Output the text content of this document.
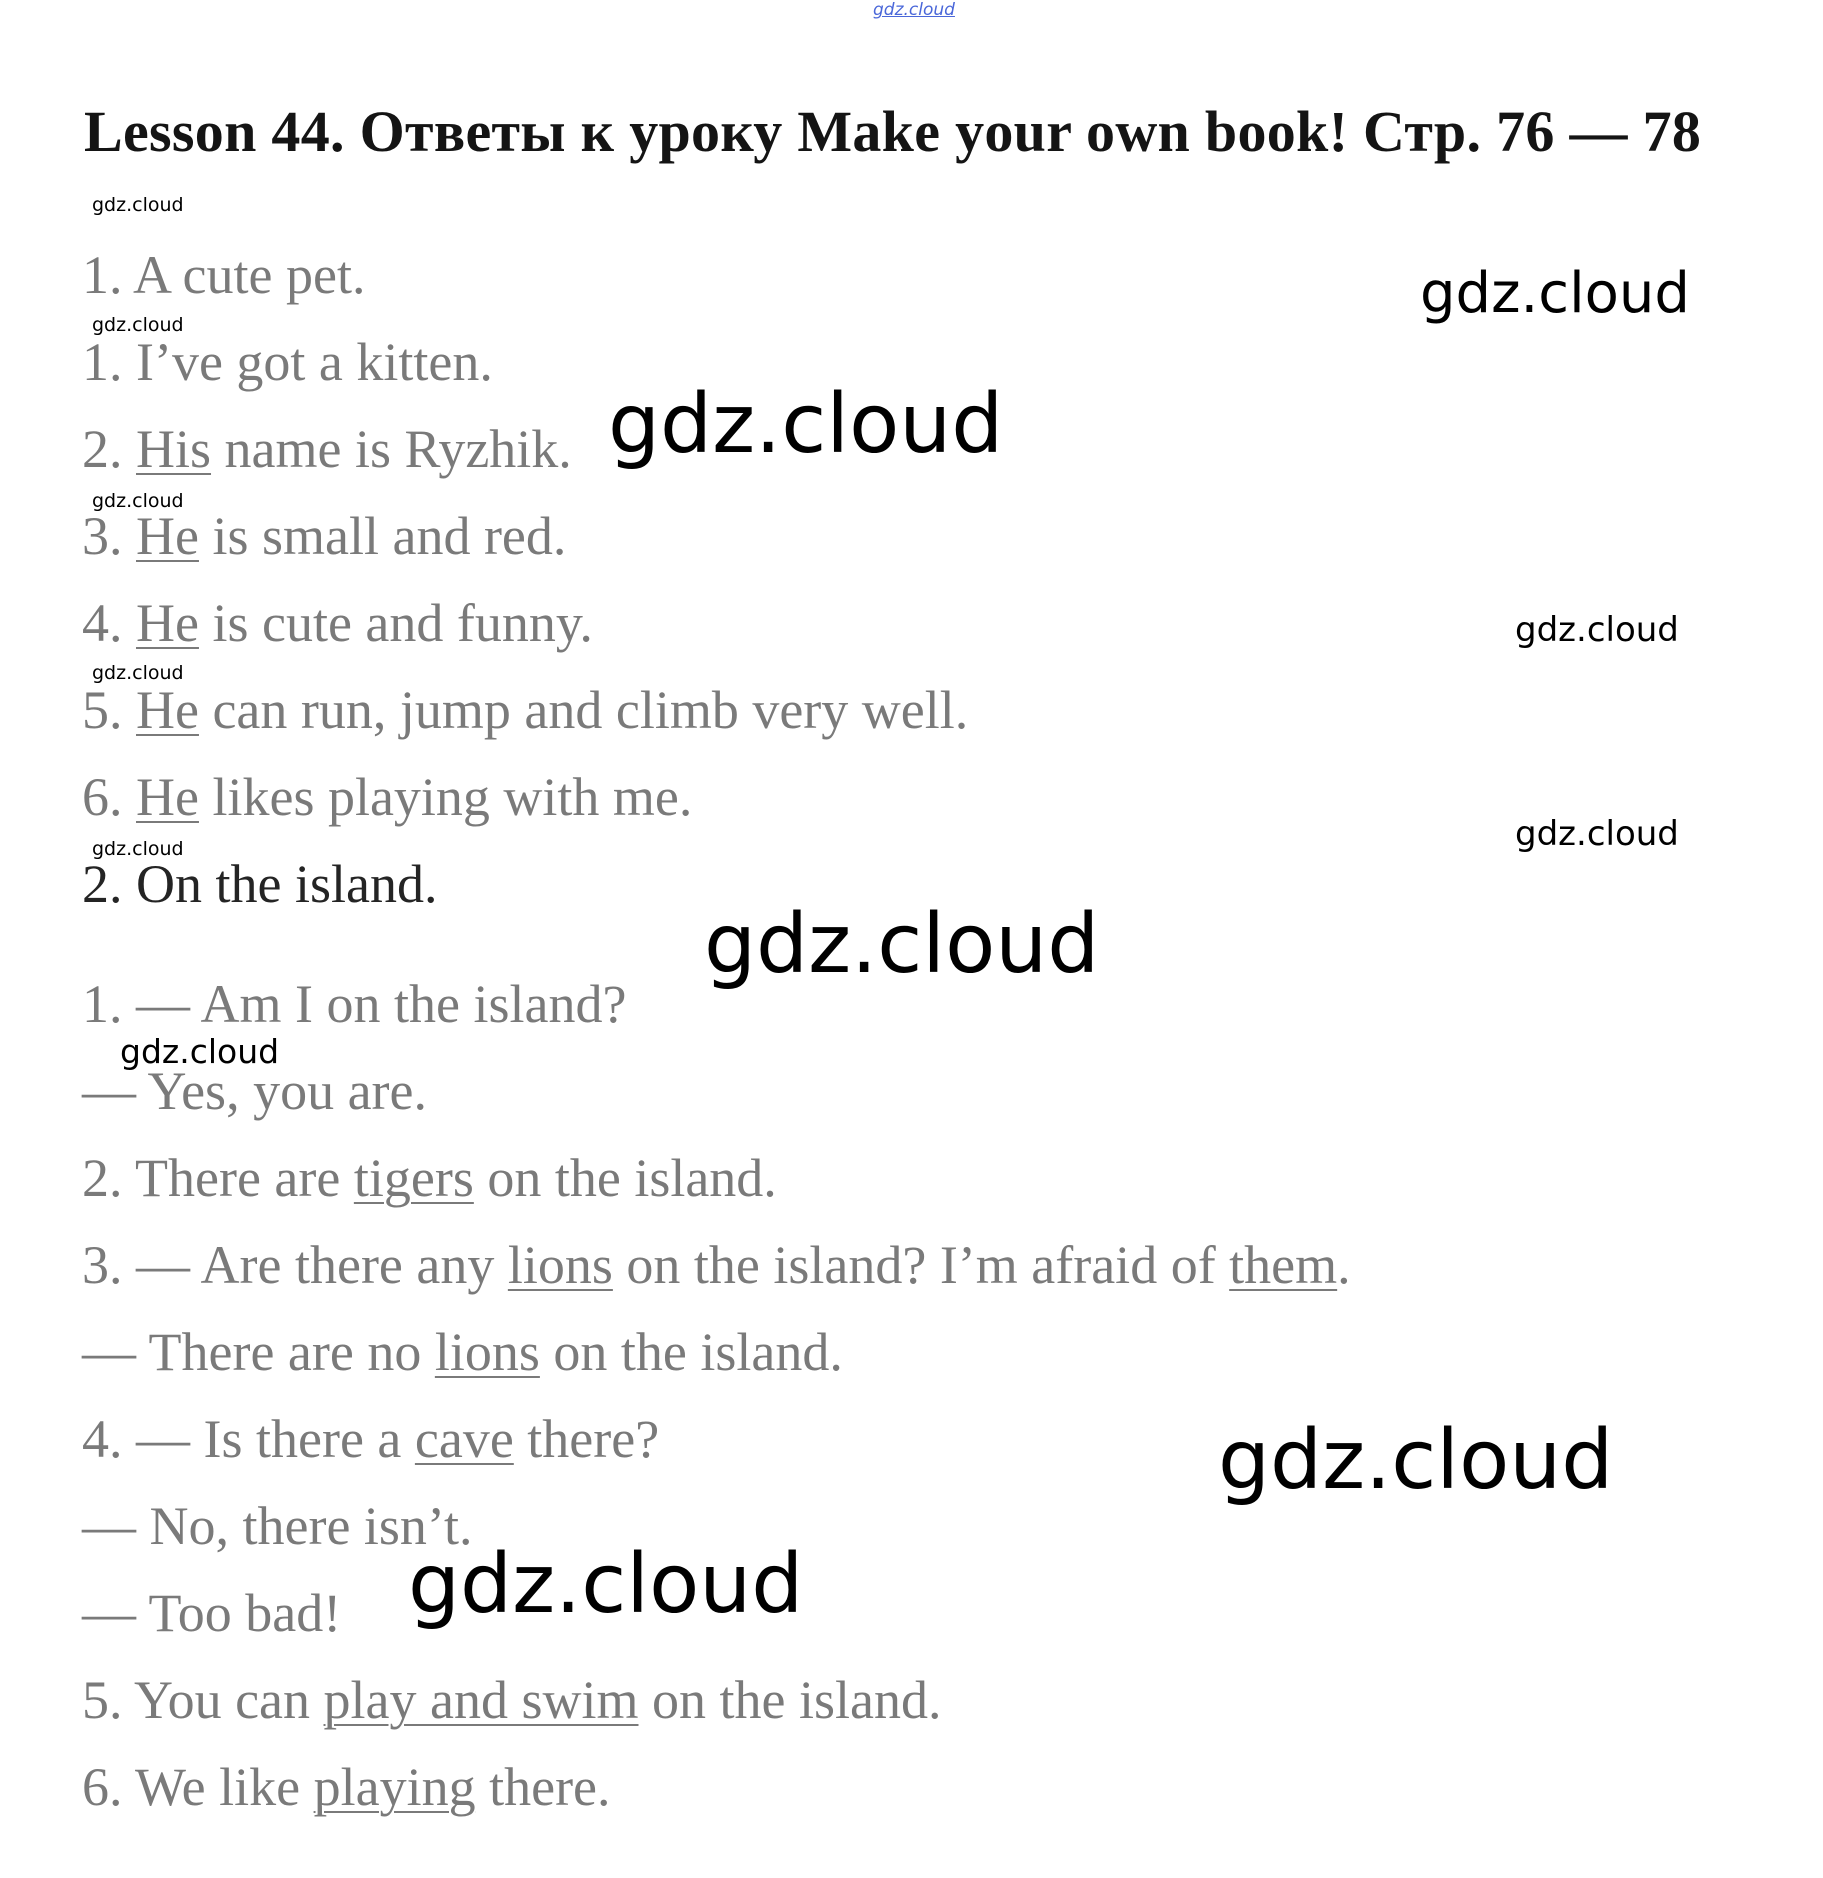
gdz.cloud
Lesson 44. Ответы к уроку Make your own book! Стр. 76 — 78
1. A cute pet.
1. I’ve got a kitten.
2. His name is Ryzhik.
3. He is small and red.
4. He is cute and funny.
5. He can run, jump and climb very well.
6. He likes playing with me.
2. On the island.
1. — Am I on the island?
— Yes, you are.
2. There are tigers on the island.
3. — Are there any lions on the island? I’m afraid of them.
— There are no lions on the island.
4. — Is there a cave there?
— No, there isn’t.
— Too bad!
5. You can play and swim on the island.
6. We like playing there.
gdz.cloud
gdz.cloud
gdz.cloud
gdz.cloud
gdz.cloud
gdz.cloud
gdz.cloud
gdz.cloud
gdz.cloud
gdz.cloud
gdz.cloud
gdz.cloud
gdz.cloud
